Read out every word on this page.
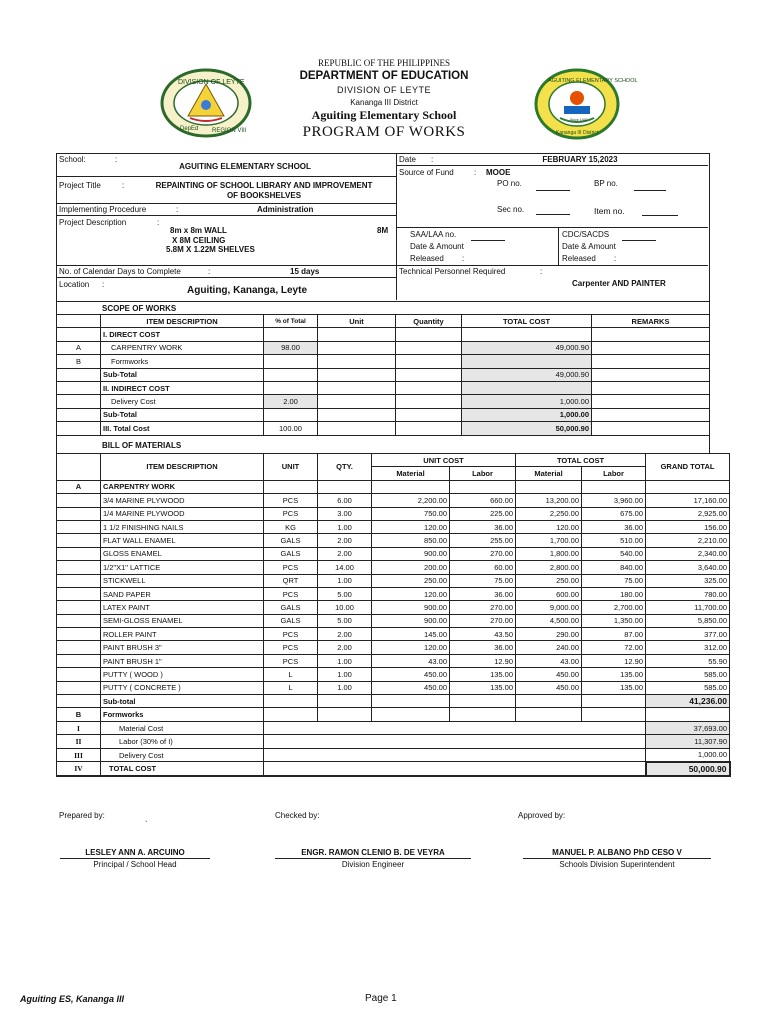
REPUBLIC OF THE PHILIPPINES
DEPARTMENT OF EDUCATION
DIVISION OF LEYTE
Kananga III District
Aguiting Elementary School
PROGRAM OF WORKS
DIVISION OF LEYTE
REGION VIII
DepEd
AGUITING ELEMENTARY SCHOOL
Since 1930
Kananga III District
School:	:
AGUITING ELEMENTARY SCHOOL
Date :	FEBRUARY 15,2023
Source of Fund	: MOOE
Project Title	:	REPAINTING OF SCHOOL LIBRARY AND IMPROVEMENT
OF BOOKSHELVES
PO no.	BP no.
Implementing Procedure	:	Administration	Sec no.	Item no.
Project Description	:
8m x 8m WALL
X 8M CEILING
5.8M X 1.22M SHELVES
8M	SAA/LAA no.
Date & Amount
Released :
CDC/SACDS
Date & Amount
Released :
No. of Calendar Days to Complete	:	15 days	Technical Personnel Required	:
Carpenter AND PAINTER
Location :
Aguiting, Kananga, Leyte
SCOPE OF WORKS
	ITEM DESCRIPTION	% of Total	Unit	Quantity	TOTAL COST	REMARKS
	I. DIRECT COST					
A	CARPENTRY WORK	98.00			49,000.90	
B	Formworks					
	Sub-Total				49,000.90	
	II. INDIRECT COST					
	Delivery Cost	2.00			1,000.00	
	Sub-Total				1,000.00	
	III. Total Cost	100.00			50,000.90	
BILL OF MATERIALS
	ITEM DESCRIPTION	UNIT	QTY.	UNIT COST		TOTAL COST		GRAND TOTAL
				Material	Labor	Material	Labor	
A	CARPENTRY WORK							
	3/4 MARINE PLYWOOD	PCS	6.00	2,200.00	660.00	13,200.00	3,960.00	17,160.00
	1/4 MARINE PLYWOOD	PCS	3.00	750.00	225.00	2,250.00	675.00	2,925.00
	1 1/2 FINISHING NAILS	KG	1.00	120.00	36.00	120.00	36.00	156.00
	FLAT WALL ENAMEL	GALS	2.00	850.00	255.00	1,700.00	510.00	2,210.00
	GLOSS ENAMEL	GALS	2.00	900.00	270.00	1,800.00	540.00	2,340.00
	1/2"X1" LATTICE	PCS	14.00	200.00	60.00	2,800.00	840.00	3,640.00
	STICKWELL	QRT	1.00	250.00	75.00	250.00	75.00	325.00
	SAND PAPER	PCS	5.00	120.00	36.00	600.00	180.00	780.00
	LATEX PAINT	GALS	10.00	900.00	270.00	9,000.00	2,700.00	11,700.00
	SEMI-GLOSS ENAMEL	GALS	5.00	900.00	270.00	4,500.00	1,350.00	5,850.00
	ROLLER PAINT	PCS	2.00	145.00	43.50	290.00	87.00	377.00
	PAINT BRUSH 3"	PCS	2.00	120.00	36.00	240.00	72.00	312.00
	PAINT BRUSH 1"	PCS	1.00	43.00	12.90	43.00	12.90	55.90
	PUTTY ( WOOD )	L	1.00	450.00	135.00	450.00	135.00	585.00
	PUTTY ( CONCRETE )	L	1.00	450.00	135.00	450.00	135.00	585.00
	Sub-total							41,236.00
B	Formworks							
I	Material Cost							37,693.00
II	Labor (30% of I)							11,307.90
III	Delivery Cost							1,000.00
IV	TOTAL COST							50,000.90
Prepared by:
`
Checked by:	Approved by:
LESLEY ANN A. ARCUINO
Principal / School Head
ENGR. RAMON CLENIO B. DE VEYRA
Division Engineer
MANUEL P. ALBANO PhD CESO V
Schools Division Superintendent
Aguiting ES, Kananga III	Page 1
